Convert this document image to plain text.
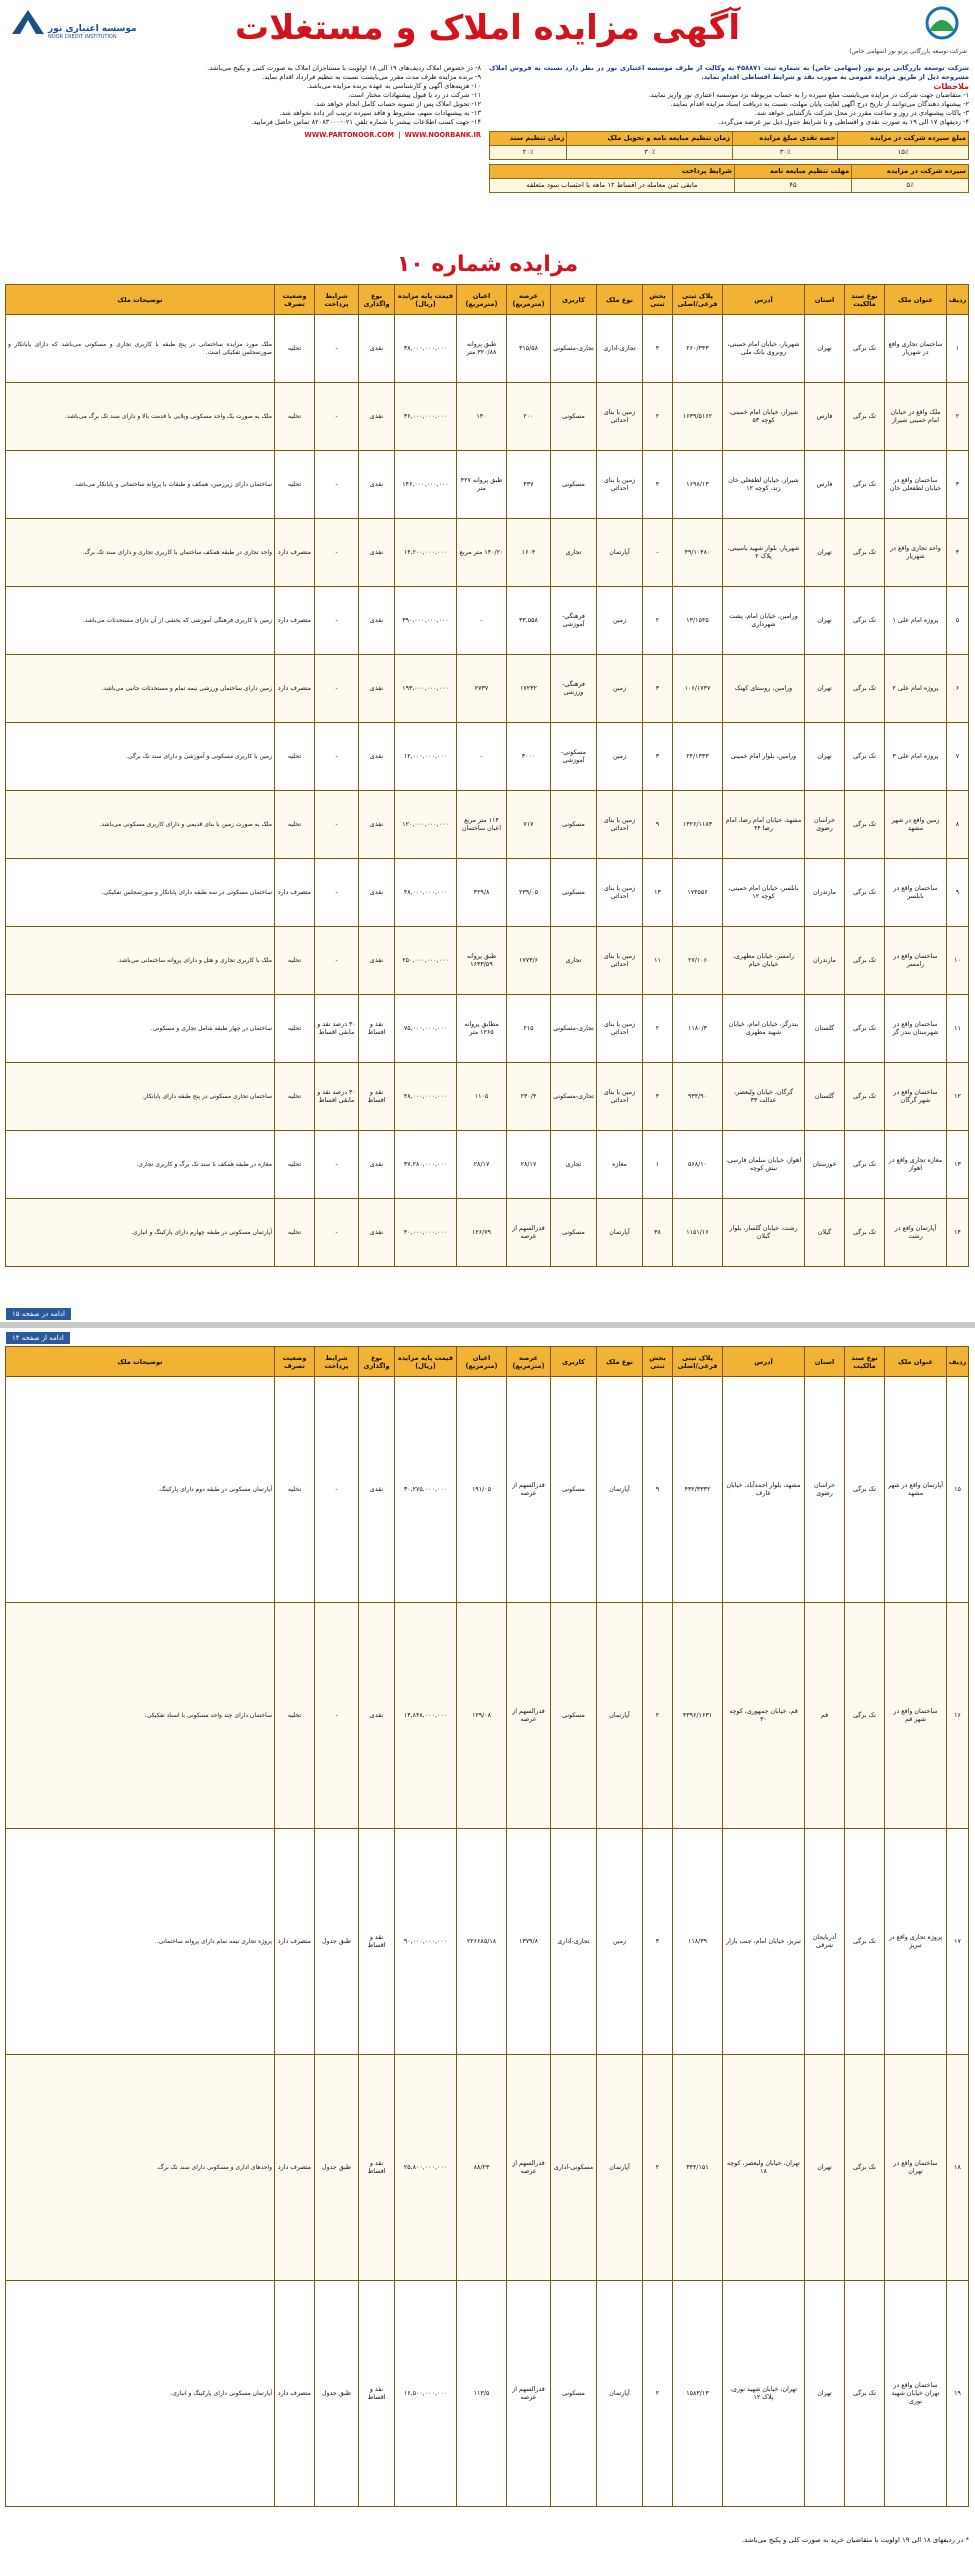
شرکت توسعه بازرگانی پرتو نور (سهامی خاص)
آگهی مزایده املاک و مستغلات
موسسه اعتباری نور
NOOR CREDIT INSTITUTION
شرکت توسعه بازرگانی پرتو نور (سهامی خاص) به شماره ثبت ۴۵۸۸۷۱ به وکالت از طرف موسسه اعتباری نور در نظر دارد نسبت به فروش املاک مشروحه ذیل از طریق مزایده عمومی به صورت نقد و شرایط اقساطی اقدام نماید.
ملاحظات
۱- متقاضیان جهت شرکت در مزایده می‌بایست مبلغ سپرده را به حساب مربوطه نزد موسسه اعتباری نور واریز نمایند.
۲- پیشنهاد دهندگان می‌توانند از تاریخ درج آگهی لغایت پایان مهلت، نسبت به دریافت اسناد مزایده اقدام نمایند.
۳- پاکات پیشنهادی در روز و ساعت مقرر در محل شرکت بازگشایی خواهد شد.
۴- ردیفهای ۱۷ الی ۱۹ به صورت نقدی و اقساطی و با شرایط جدول ذیل نیز عرضه می‌گردد.
مبلغ سپرده شرکت در مزایده	حصه نقدی مبلغ مزایده	زمان تنظیم مبایعه نامه و تحویل ملک	زمان تنظیم سند
۱۵٪	۳۰٪	۳۰٪	۲۰٪
سپرده شرکت در مزایده	مهلت تنظیم مبایعه نامه	شرایط پرداخت
۵٪	۴۵	مابقی ثمن معامله در اقساط ۱۲ ماهه با احتساب سود متعلقه
۸- در خصوص املاک ردیف‌های ۱۹ الی ۱۸ اولویت با مستاجران املاک به صورت کتبی و پکیج می‌باشد.
۹- برنده مزایده ظرف مدت مقرر می‌بایست نسبت به تنظیم قرارداد اقدام نماید.
۱۰- هزینه‌های آگهی و کارشناسی به عهده برنده مزایده می‌باشد.
۱۱- شرکت در رد یا قبول پیشنهادات مختار است.
۱۲- تحویل املاک پس از تسویه حساب کامل انجام خواهد شد.
۱۳- به پیشنهادات مبهم، مشروط و فاقد سپرده ترتیب اثر داده نخواهد شد.
۱۴- جهت کسب اطلاعات بیشتر با شماره تلفن ۰۲۱-۸۲۰۸۳۰۰۰ تماس حاصل فرمایید.
WWW.PARTONOOR.COM  |  WWW.NOORBANK.IR
مزایده شماره ۱۰
ردیف	عنوان ملک	نوع سند مالکیت	استان	آدرس	پلاک ثبتی فرعی/اصلی	بخش ثبتی	نوع ملک	کاربری	عرصه (مترمربع)	اعیان (مترمربع)	قیمت پایه مزایده (ریال)	نوع واگذاری	شرایط پرداخت	وضعیت تصرف	توضیحات ملک
۱	ساختمان تجاری واقع در شهریار	تک برگی	تهران	شهریار، خیابان امام خمینی، روبروی بانک ملی	۲۶۰/۳۴۳	۴	تجاری-اداری	تجاری-مسکونی	۳۱۵/۵۸	طبق پروانه ۳۲۰/۸۸ متر	۳۸,۰۰۰,۰۰۰,۰۰۰	نقدی	-	تخلیه	ملک مورد مزایده ساختمانی در پنج طبقه با کاربری تجاری و مسکونی می‌باشد که دارای پایانکار و صورتمجلس تفکیکی است.
۲	ملک واقع در خیابان امام خمینی شیراز	تک برگی	فارس	شیراز، خیابان امام خمینی، کوچه ۵۳	۱۶۳۹/۵۱۶۲	۲	زمین با بنای احداثی	مسکونی	۲۰۰	۱۴۰	۳۶,۰۰۰,۰۰۰,۰۰۰	نقدی	-	تخلیه	ملک به صورت یک واحد مسکونی ویلایی با قدمت بالا و دارای سند تک برگ می‌باشد.
۳	ساختمان واقع در خیابان لطفعلی خان	تک برگی	فارس	شیراز، خیابان لطفعلی خان زند، کوچه ۱۲	۱۶۹۸/۱۳	۴	زمین با بنای احداثی	مسکونی	۴۳۷	طبق پروانه ۴۲۷ متر	۱۴۶,۰۰۰,۰۰۰,۰۰۰	نقدی	-	تخلیه	ساختمان دارای زیرزمین، همکف و طبقات با پروانه ساختمانی و پایانکار می‌باشد.
۴	واحد تجاری واقع در شهریار	تک برگی	تهران	شهریار، بلوار شهید یاسینی، پلاک ۲	۴۹/۱۰۴۸۰	-	آپارتمان	تجاری	۱۶۰۴	۱۴۰/۲۰ متر مربع	۱۴,۲۰۰,۰۰۰,۰۰۰	نقدی	-	متصرف دارد	واحد تجاری در طبقه همکف ساختمان با کاربری تجاری و دارای سند تک برگ.
۵	پروژه امام علی ۱	تک برگی	تهران	ورامین، خیابان امام، پشت شهرداری	۱۳/۱۵۴۵	۲	زمین	فرهنگی-آموزشی	۳۳,۵۵۸	-	۳۹۰,۰۰۰,۰۰۰,۰۰۰	نقدی	-	متصرف دارد	زمین با کاربری فرهنگی آموزشی که بخشی از آن دارای مستحدثات می‌باشد.
۶	پروژه امام علی ۲	تک برگی	تهران	ورامین، روستای کهنک	۱۰۶/۱۷۳۷	۳	زمین	فرهنگی-ورزشی	۱۷۲۳۲	۲۷۳۷	۱۹۳,۰۰۰,۰۰۰,۰۰۰	نقدی	-	متصرف دارد	زمین دارای ساختمان ورزشی نیمه تمام و مستحدثات جانبی می‌باشد.
۷	پروژه امام علی ۳	تک برگی	تهران	ورامین، بلوار امام خمینی	۲۴/۱۳۳۳	۳	زمین	مسکونی-آموزشی	۳۰۰۰	-	۱۲,۰۰۰,۰۰۰,۰۰۰	نقدی	-	تخلیه	زمین با کاربری مسکونی و آموزشی و دارای سند تک برگی.
۸	زمین واقع در شهر مشهد	تک برگی	خراسان رضوی	مشهد، خیابان امام رضا، امام رضا ۴۴	۱۳۲۶/۱۱۸۳	۹	زمین با بنای احداثی	مسکونی	۷۱۷	۱۱۴ متر مربع اعیان ساختمان	۱۲۰,۰۰۰,۰۰۰,۰۰۰	نقدی	-	تخلیه	ملک به صورت زمین با بنای قدیمی و دارای کاربری مسکونی می‌باشد.
۹	ساختمان واقع در بابلسر	تک برگی	مازندران	بابلسر، خیابان امام خمینی، کوچه ۱۲	۱۷۴۵۵۶	۱۳	زمین با بنای احداثی	مسکونی	۲۳۹/۰۵	۳۲۹/۸	۴۸,۰۰۰,۰۰۰,۰۰۰	نقدی	-	متصرف دارد	ساختمان مسکونی در سه طبقه دارای پایانکار و صورتمجلس تفکیکی.
۱۰	ساختمان واقع در رامسر	تک برگی	مازندران	رامسر، خیابان مطهری، خیابان خیام	۲۷/۱۰۶	۱۱	زمین با بنای احداثی	تجاری	۱۷۷۳/۶	طبق پروانه ۱۶۳۳/۵۹	۲۵۰,۰۰۰,۰۰۰,۰۰۰	نقدی	-	تخلیه	ملک با کاربری تجاری و هتل و دارای پروانه ساختمانی می‌باشد.
۱۱	ساختمان واقع در شهرستان بندر گز	تک برگی	گلستان	بندرگز، خیابان امام، خیابان شهید مطهری	۱۱۸۰/۳	۲	زمین با بنای احداثی	تجاری-مسکونی	۲۱۵	مطابق پروانه ۱۲۶۵ متر	۷۵,۰۰۰,۰۰۰,۰۰۰	نقد و اقساط	۳۰ درصد نقد و مابقی اقساط	تخلیه	ساختمان در چهار طبقه شامل تجاری و مسکونی.
۱۲	ساختمان واقع در شهر گرگان	تک برگی	گلستان	گرگان، خیابان ولیعصر، عدالت ۳۳	۹۳۴/۹۰	۴	زمین با بنای احداثی	تجاری-مسکونی	۲۳۰/۴	۱۱۰۵	۴۸,۰۰۰,۰۰۰,۰۰۰	نقد و اقساط	۳۰ درصد نقد و مابقی اقساط	تخلیه	ساختمان تجاری مسکونی در پنج طبقه دارای پایانکار.
۱۳	مغازه تجاری واقع در اهواز	تک برگی	خوزستان	اهواز، خیابان سلمان فارسی، نبش کوچه	۵۶۸/۱۰	۱	مغازه	تجاری	۲۸/۱۷	۲۸/۱۷	۳۷,۲۸۰,۰۰۰,۰۰۰	نقدی	-	تخلیه	مغازه در طبقه همکف با سند تک برگ و کاربری تجاری.
۱۴	آپارتمان واقع در رشت	تک برگی	گیلان	رشت، خیابان گلسار، بلوار گیلان	۱۱۵۱/۱۶	۳۸	آپارتمان	مسکونی	قدرالسهم از عرصه	۱۲۶/۷۹	۴۰,۰۰۰,۰۰۰,۰۰۰	نقدی	-	تخلیه	آپارتمان مسکونی در طبقه چهارم دارای پارکینگ و انباری.
ادامه در صفحه ۱۵
ادامه از صفحه ۱۴
ردیف	عنوان ملک	نوع سند مالکیت	استان	آدرس	پلاک ثبتی فرعی/اصلی	بخش ثبتی	نوع ملک	کاربری	عرصه (مترمربع)	اعیان (مترمربع)	قیمت پایه مزایده (ریال)	نوع واگذاری	شرایط پرداخت	وضعیت تصرف	توضیحات ملک
۱۵	آپارتمان واقع در شهر مشهد	تک برگی	خراسان رضوی	مشهد، بلوار احمدآباد، خیابان عارف	۴۳۲/۳۳۳۲	۹	آپارتمان	مسکونی	قدرالسهم از عرصه	۱۹۱/۰۵	۳۰,۲۷۵,۰۰۰,۰۰۰	نقدی	-	تخلیه	آپارتمان مسکونی در طبقه دوم دارای پارکینگ.
۱۶	ساختمان واقع در شهر قم	تک برگی	قم	قم، خیابان جمهوری، کوچه ۳۰	۴۳۹۶/۱۶۳۱	۲	آپارتمان	مسکونی	قدرالسهم از عرصه	۱۲۹/۰۸	۱۴,۸۴۸,۰۰۰,۰۰۰	نقدی	-	تخلیه	ساختمان دارای چند واحد مسکونی با اسناد تفکیکی.
۱۷	پروژه تجاری واقع در تبریز	تک برگی	آذربایجان شرقی	تبریز، خیابان امام، جنب بازار	۱۱۸/۳۹	۳	زمین	تجاری-اداری	۱۳۷۹/۸	۲۲۶۶۸۵/۱۸	۹۰,۰۰۰,۰۰۰,۰۰۰	نقد و اقساط	طبق جدول	متصرف دارد	پروژه تجاری نیمه تمام دارای پروانه ساختمانی.
۱۸	ساختمان واقع در تهران	تک برگی	تهران	تهران، خیابان ولیعصر، کوچه ۱۸	۳۴۴/۱۵۱	۲	آپارتمان	مسکونی-اداری	قدرالسهم از عرصه	۸۸/۲۳	۲۵,۸۰۰,۰۰۰,۰۰۰	نقد و اقساط	طبق جدول	متصرف دارد	واحدهای اداری و مسکونی دارای سند تک برگ.
۱۹	ساختمان واقع در تهران خیابان شهید نوری	تک برگی	تهران	تهران، خیابان شهید نوری، پلاک ۱۲	۱۵۸۳/۱۳	۲	آپارتمان	مسکونی	قدرالسهم از عرصه	۱۱۳/۵	۱۶,۵۰۰,۰۰۰,۰۰۰	نقد و اقساط	طبق جدول	متصرف دارد	آپارتمان مسکونی دارای پارکینگ و انباری.
* در ردیفهای ۱۸ الی ۱۹ اولویت با متقاضیان خرید به صورت کلی و پکیج می‌باشد.
